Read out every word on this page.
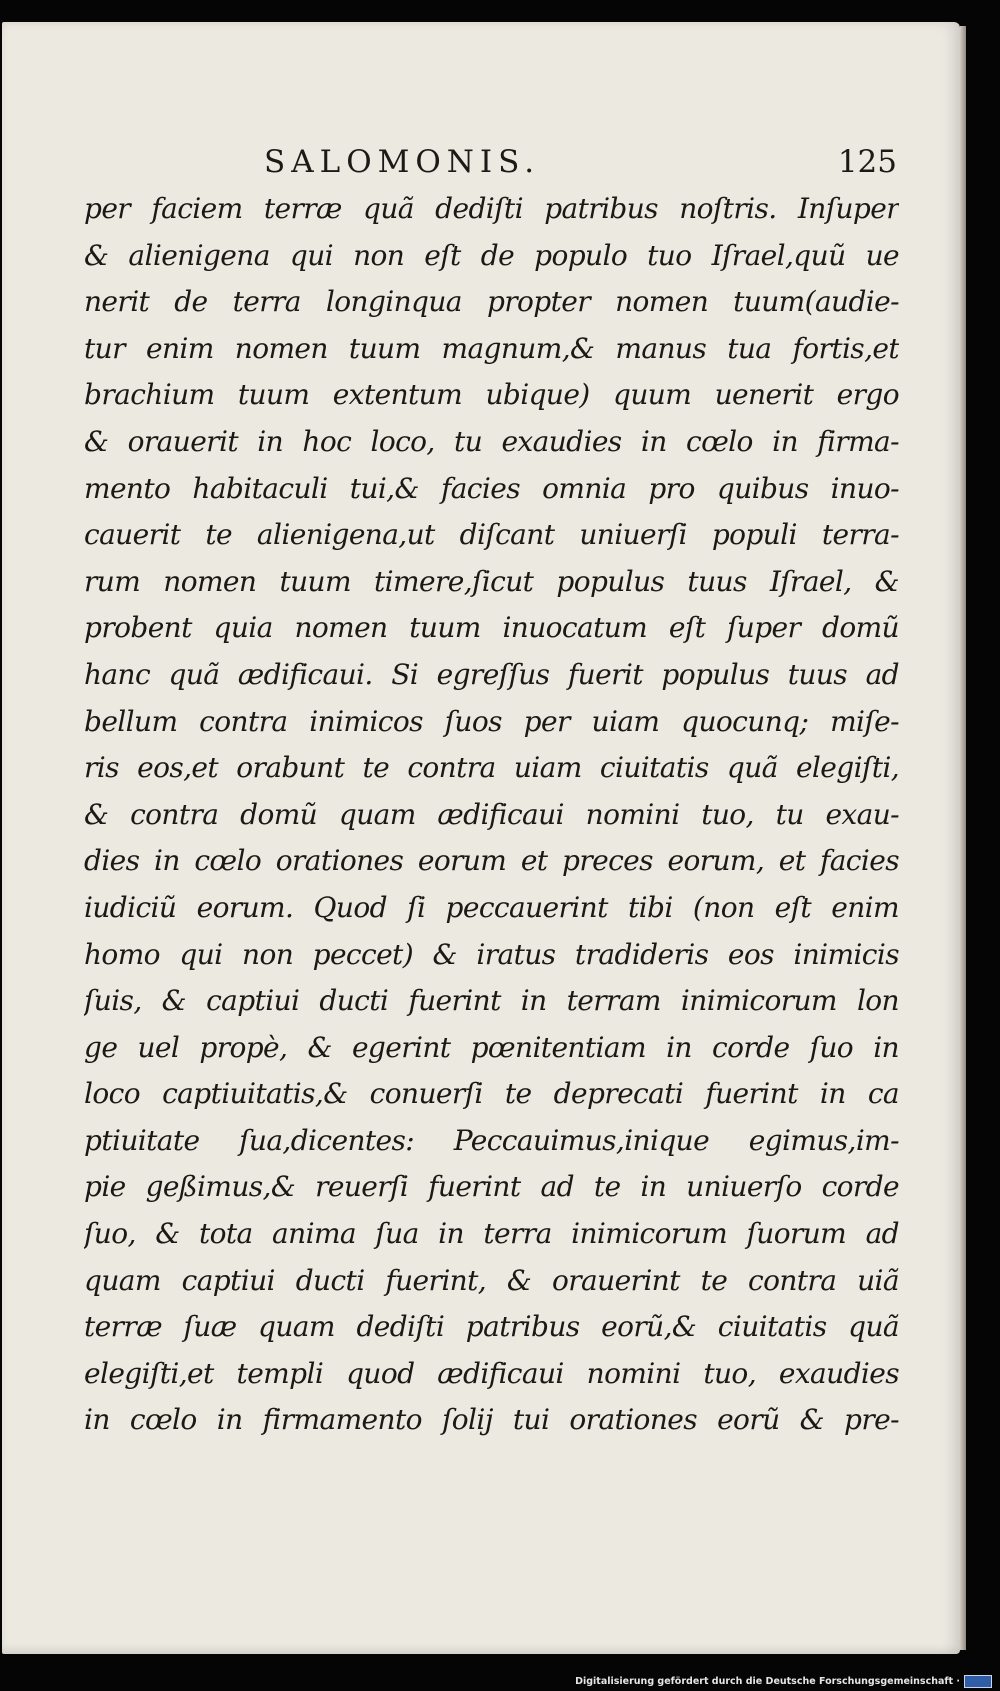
SALOMONIS.	125
per faciem terræ quã dediſti patribus noſtris. Inſuper
& alienigena qui non eſt de populo tuo Iſrael,quũ ue
nerit de terra longinqua propter nomen tuum(audie-
tur enim nomen tuum magnum,& manus tua fortis,et
brachium tuum extentum ubique) quum uenerit ergo
& orauerit in hoc loco, tu exaudies in cœlo in firma-
mento habitaculi tui,& facies omnia pro quibus inuo-
cauerit te alienigena,ut diſcant uniuerſi populi terra-
rum nomen tuum timere,ſicut populus tuus Iſrael, &
probent quia nomen tuum inuocatum eſt ſuper domũ
hanc quã ædificaui. Si egreſſus fuerit populus tuus ad
bellum contra inimicos ſuos per uiam quocunq; miſe-
ris eos,et orabunt te contra uiam ciuitatis quã elegiſti,
& contra domũ quam ædificaui nomini tuo, tu exau-
dies in cœlo orationes eorum et preces eorum, et facies
iudiciũ eorum. Quod ſi peccauerint tibi (non eſt enim
homo qui non peccet) & iratus tradideris eos inimicis
ſuis, & captiui ducti fuerint in terram inimicorum lon
ge uel propè, & egerint pœnitentiam in corde ſuo in
loco captiuitatis,& conuerſi te deprecati fuerint in ca
ptiuitate ſua,dicentes: Peccauimus,inique egimus,im-
pie geßimus,& reuerſi fuerint ad te in uniuerſo corde
ſuo, & tota anima ſua in terra inimicorum ſuorum ad
quam captiui ducti fuerint, & orauerint te contra uiã
terræ ſuæ quam dediſti patribus eorũ,& ciuitatis quã
elegiſti,et templi quod ædificaui nomini tuo, exaudies
in cœlo in firmamento ſolij tui orationes eorũ & pre-
Digitalisierung gefördert durch die Deutsche Forschungsgemeinschaft ·
